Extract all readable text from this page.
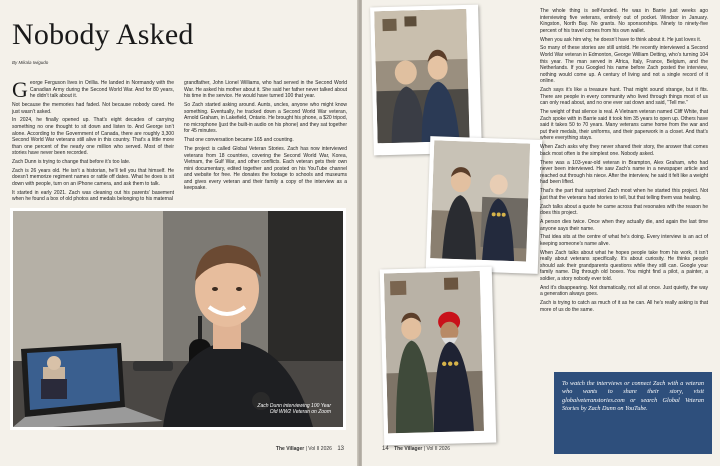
Nobody Asked
By Mikala Iwigudo

George Ferguson lives in Orillia. He landed in Normandy with the Canadian Army during the Second World War. And for 80 years, he didn’t talk about it.

Not because the memories had faded. Not because nobody cared. He just wasn’t asked.

In 2024, he finally opened up. That’s eight decades of carrying something no one thought to sit down and listen to. And George isn’t alone. According to the Government of Canada, there are roughly 3,300 Second World War veterans still alive in this country. That’s a little more than one percent of the nearly one million who served. Most of their stories have never been recorded.

Zach Dunn is trying to change that before it’s too late.

Zach is 26 years old. He isn’t a historian, he’ll tell you that himself. He doesn’t memorize regiment names or rattle off dates. What he does is sit down with people, turn on an iPhone camera, and ask them to talk.

It started in early 2021. Zach was cleaning out his parents’ basement when he found a box of old photos and medals belonging to his maternal

grandfather, John Lionel Williams, who had served in the Second World War. He asked his mother about it. She said her father never talked about his time in the service. He would have turned 100 that year.

So Zach started asking around. Aunts, uncles, anyone who might know something. Eventually, he tracked down a Second World War veteran, Arnold Graham, in Lakefield, Ontario. He brought his phone, a $20 tripod, no microphone (just the built-in audio on his phone) and they sat together for 45 minutes.

That one conversation became 165 and counting.

The project is called Global Veteran Stories. Zach has now interviewed veterans from 18 countries, covering the Second World War, Korea, Vietnam, the Gulf War, and other conflicts. Each veteran gets their own mini documentary, edited together and posted on his YouTube channel and website for free. He donates the footage to schools and museums and gives every veteran and their family a copy of the interview as a keepsake.

Zach Dunn interviewing 100 Year
Old WW2 Veteran on Zoom
The Villager | Vol II 2026 13

The whole thing is self-funded. He was in Barrie just weeks ago interviewing five veterans, entirely out of pocket. Windsor in January. Kingston, North Bay. No grants. No sponsorships. Ninety to ninety-five percent of his travel comes from his own wallet.

When you ask him why, he doesn’t have to think about it. He just loves it.

So many of these stories are still untold. He recently interviewed a Second World War veteran in Edmonton, George William Detting, who’s turning 104 this year. The man served in Africa, Italy, France, Belgium, and the Netherlands. If you Googled his name before Zach posted the interview, nothing would come up. A century of living and not a single record of it online.

Zach says it’s like a treasure hunt. That might sound strange, but it fits. There are people in every community who lived through things most of us can only read about, and no one ever sat down and said, “Tell me.”

The weight of that silence is real. A Vietnam veteran named Cliff White, that Zach spoke with in Barrie said it took him 35 years to open up. Others have said it takes 50 to 70 years. Many veterans came home from the war and put their medals, their uniforms, and their paperwork in a closet. And that’s where everything stays.

When Zach asks why they never shared their story, the answer that comes back most often is the simplest one. Nobody asked.

There was a 103-year-old veteran in Brampton, Alex Graham, who had never been interviewed. He saw Zach’s name in a newspaper article and reached out through his niece. After the interview, he said it felt like a weight had been lifted.

That’s the part that surprised Zach most when he started this project. Not just that the veterans had stories to tell, but that telling them was healing.

Zach talks about a quote he came across that resonates with the reason he does this project.

A person dies twice. Once when they actually die, and again the last time anyone says their name.

That idea sits at the centre of what he’s doing. Every interview is an act of keeping someone’s name alive.

When Zach talks about what he hopes people take from his work, it isn’t really about veterans specifically. It’s about curiosity. He thinks people should ask their grandparents questions while they still can. Google your family name. Dig through old boxes. You might find a pilot, a painter, a soldier, a story nobody ever told.

And it’s disappearing. Not dramatically, not all at once. Just quietly, the way a generation always goes.

Zach is trying to catch as much of it as he can. All he’s really asking is that more of us do the same.

To watch the interviews or connect Zach with a veteran who wants to share their story, visit globalveteranstories.com or search Global Veteran Stories by Zach Dunn on YouTube.
14 The Villager | Vol II 2026
